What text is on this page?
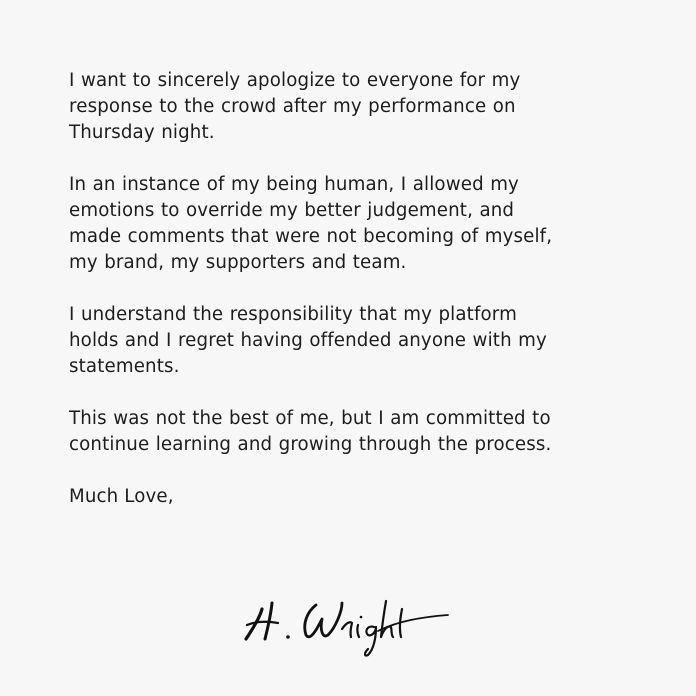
I want to sincerely apologize to everyone for my
response to the crowd after my performance on
Thursday night.

In an instance of my being human, I allowed my
emotions to override my better judgement, and
made comments that were not becoming of myself,
my brand, my supporters and team.

I understand the responsibility that my platform
holds and I regret having offended anyone with my
statements.

This was not the best of me, but I am committed to
continue learning and growing through the process.

Much Love,
